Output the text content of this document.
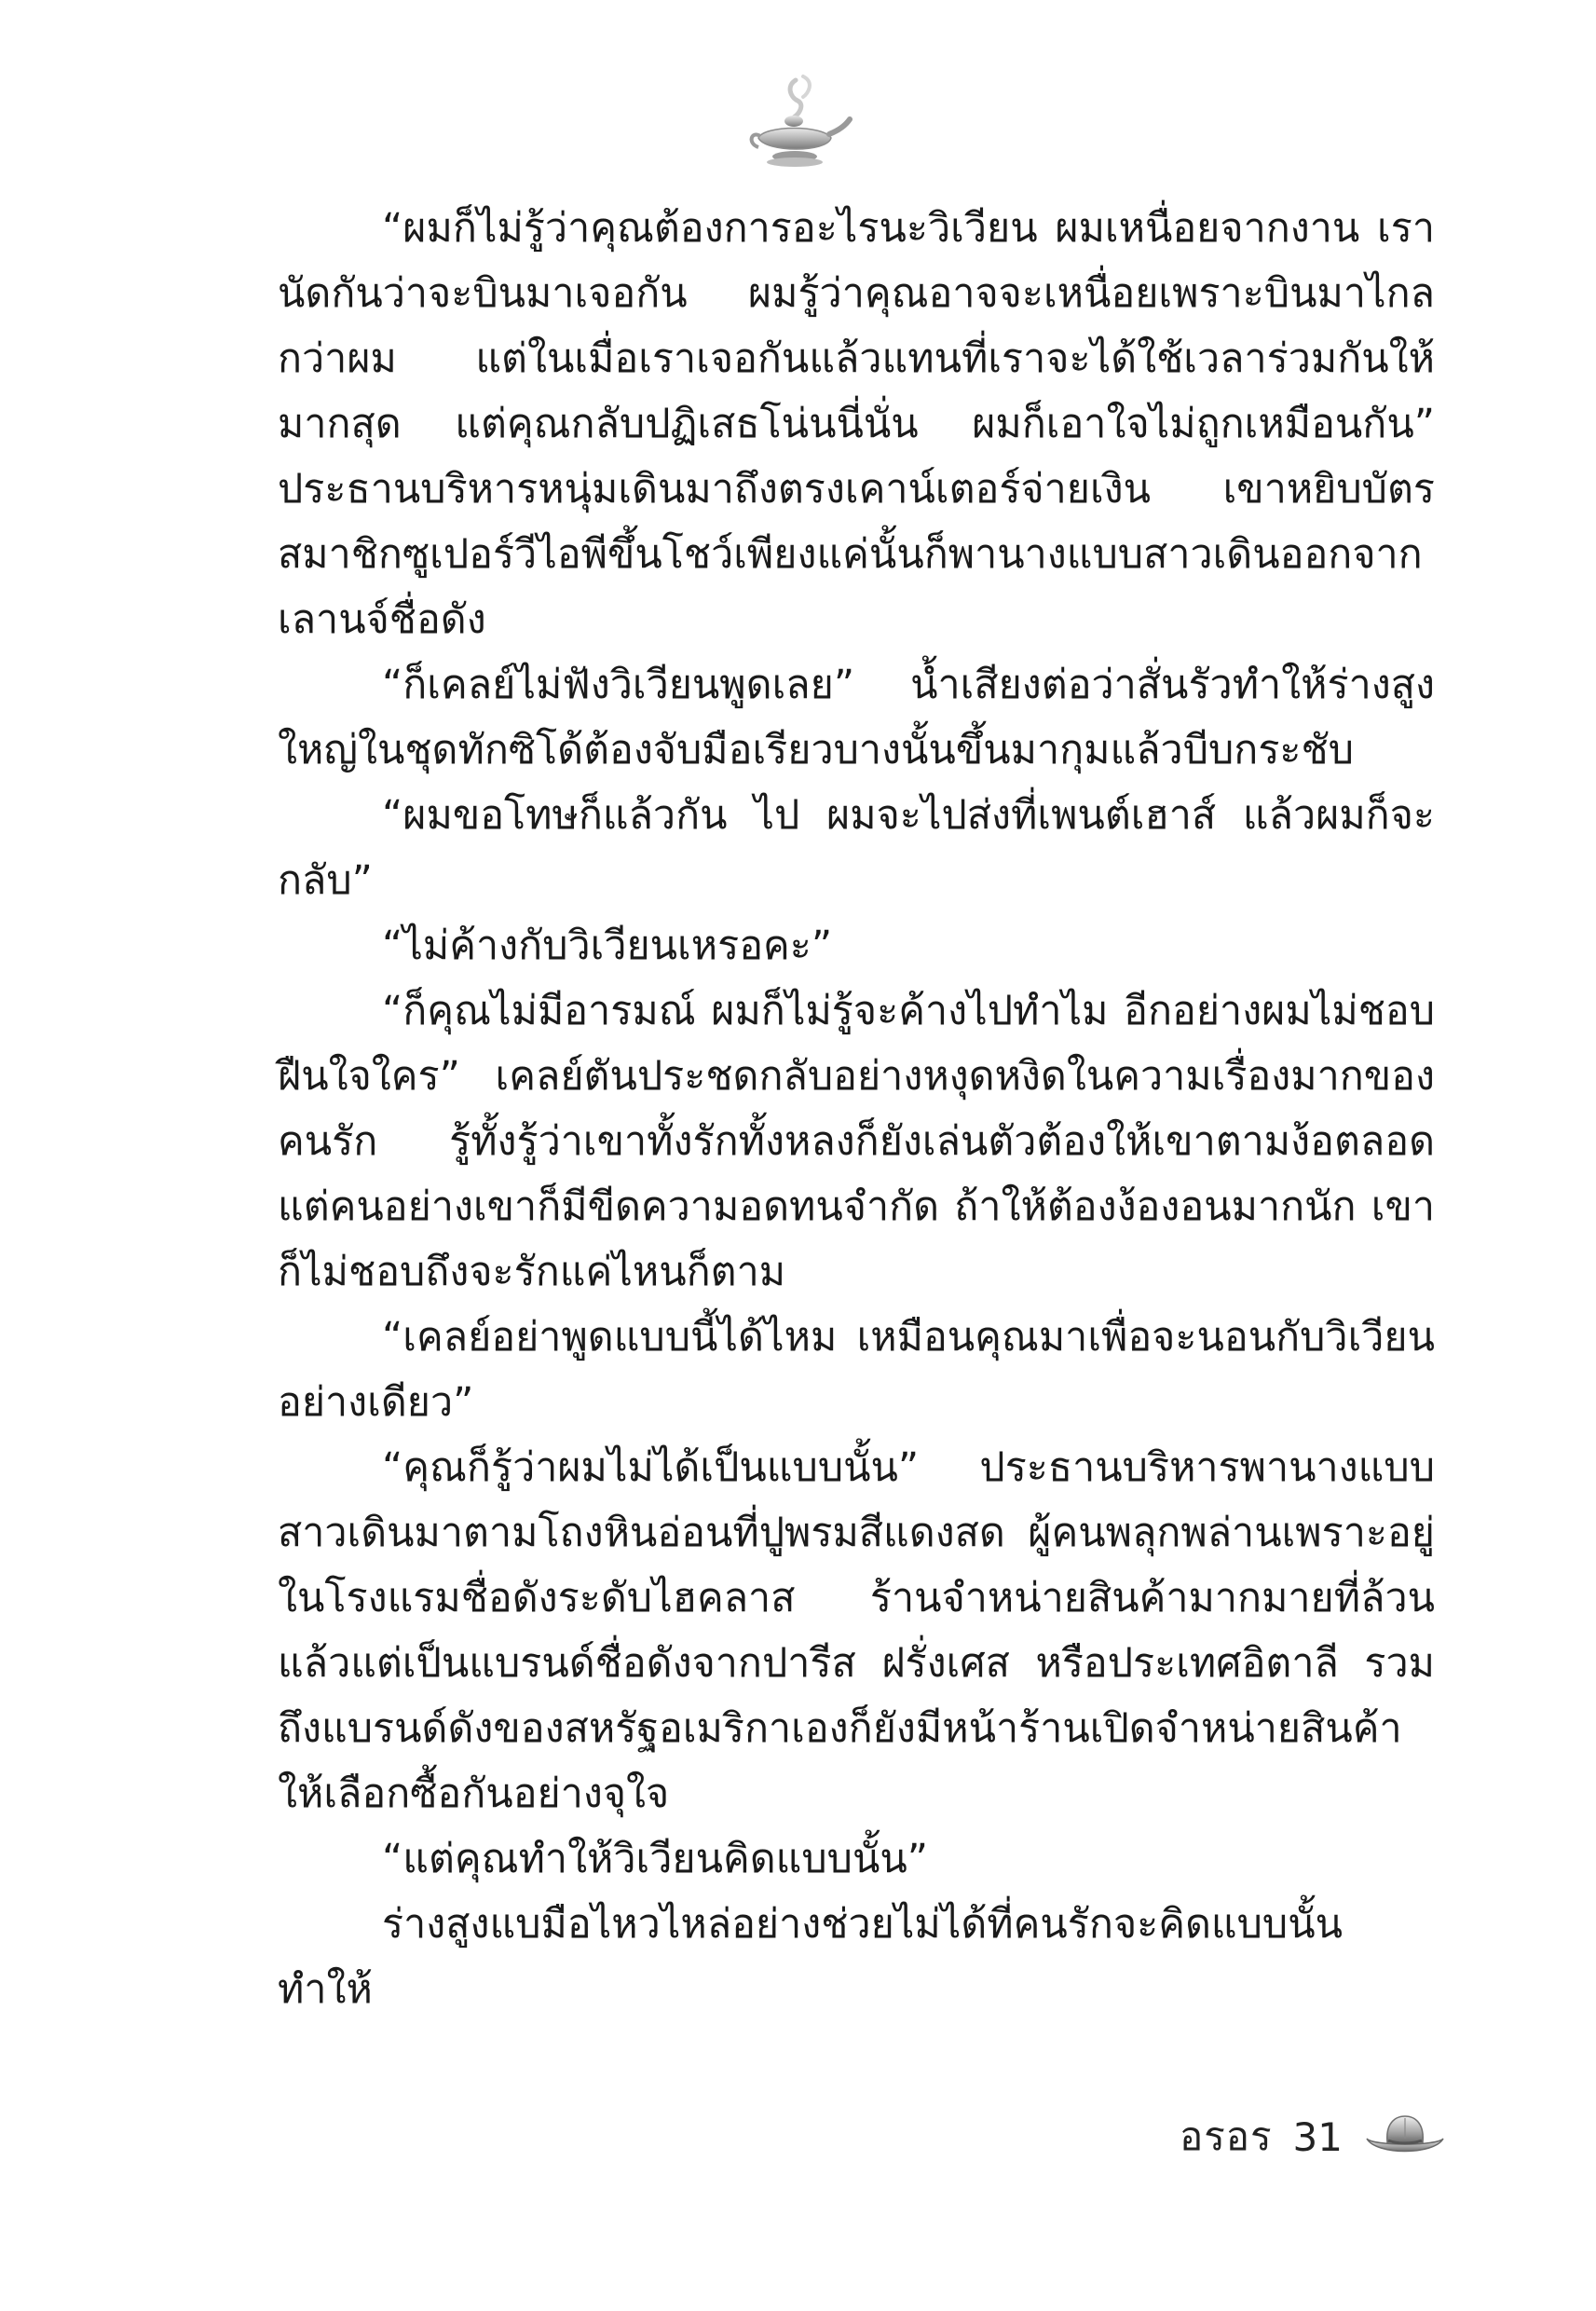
“ผมก็ไม่รู้ว่าคุณต้องการอะไรนะวิเวียน ผมเหนื่อยจากงาน เรานัดกันว่าจะบินมาเจอกัน ผมรู้ว่าคุณอาจจะเหนื่อยเพราะบินมาไกลกว่าผม แต่ในเมื่อเราเจอกันแล้วแทนที่เราจะได้ใช้เวลาร่วมกันให้มากสุด แต่คุณกลับปฏิเสธโน่นนี่นั่น ผมก็เอาใจไม่ถูกเหมือนกัน” ประธานบริหารหนุ่มเดินมาถึงตรงเคาน์เตอร์จ่ายเงิน เขาหยิบบัตรสมาชิกซูเปอร์วีไอพีขึ้นโชว์เพียงแค่นั้นก็พานางแบบสาวเดินออกจากเลานจ์ชื่อดัง

“ก็เคลย์ไม่ฟังวิเวียนพูดเลย” น้ำเสียงต่อว่าสั่นรัวทำให้ร่างสูงใหญ่ในชุดทักซิโด้ต้องจับมือเรียวบางนั้นขึ้นมากุมแล้วบีบกระชับ

“ผมขอโทษก็แล้วกัน ไป ผมจะไปส่งที่เพนต์เฮาส์ แล้วผมก็จะกลับ”

“ไม่ค้างกับวิเวียนเหรอคะ”

“ก็คุณไม่มีอารมณ์ ผมก็ไม่รู้จะค้างไปทำไม อีกอย่างผมไม่ชอบฝืนใจใคร” เคลย์ตันประชดกลับอย่างหงุดหงิดในความเรื่องมากของคนรัก รู้ทั้งรู้ว่าเขาทั้งรักทั้งหลงก็ยังเล่นตัวต้องให้เขาตามง้อตลอด แต่คนอย่างเขาก็มีขีดความอดทนจำกัด ถ้าให้ต้องง้องอนมากนัก เขาก็ไม่ชอบถึงจะรักแค่ไหนก็ตาม

“เคลย์อย่าพูดแบบนี้ได้ไหม เหมือนคุณมาเพื่อจะนอนกับวิเวียนอย่างเดียว”

“คุณก็รู้ว่าผมไม่ได้เป็นแบบนั้น” ประธานบริหารพานางแบบสาวเดินมาตามโถงหินอ่อนที่ปูพรมสีแดงสด ผู้คนพลุกพล่านเพราะอยู่ในโรงแรมชื่อดังระดับไฮคลาส ร้านจำหน่ายสินค้ามากมายที่ล้วนแล้วแต่เป็นแบรนด์ชื่อดังจากปารีส ฝรั่งเศส หรือประเทศอิตาลี รวมถึงแบรนด์ดังของสหรัฐอเมริกาเองก็ยังมีหน้าร้านเปิดจำหน่ายสินค้าให้เลือกซื้อกันอย่างจุใจ

“แต่คุณทำให้วิเวียนคิดแบบนั้น”

ร่างสูงแบมือไหวไหล่อย่างช่วยไม่ได้ที่คนรักจะคิดแบบนั้น ทำให้

อรอร 31
